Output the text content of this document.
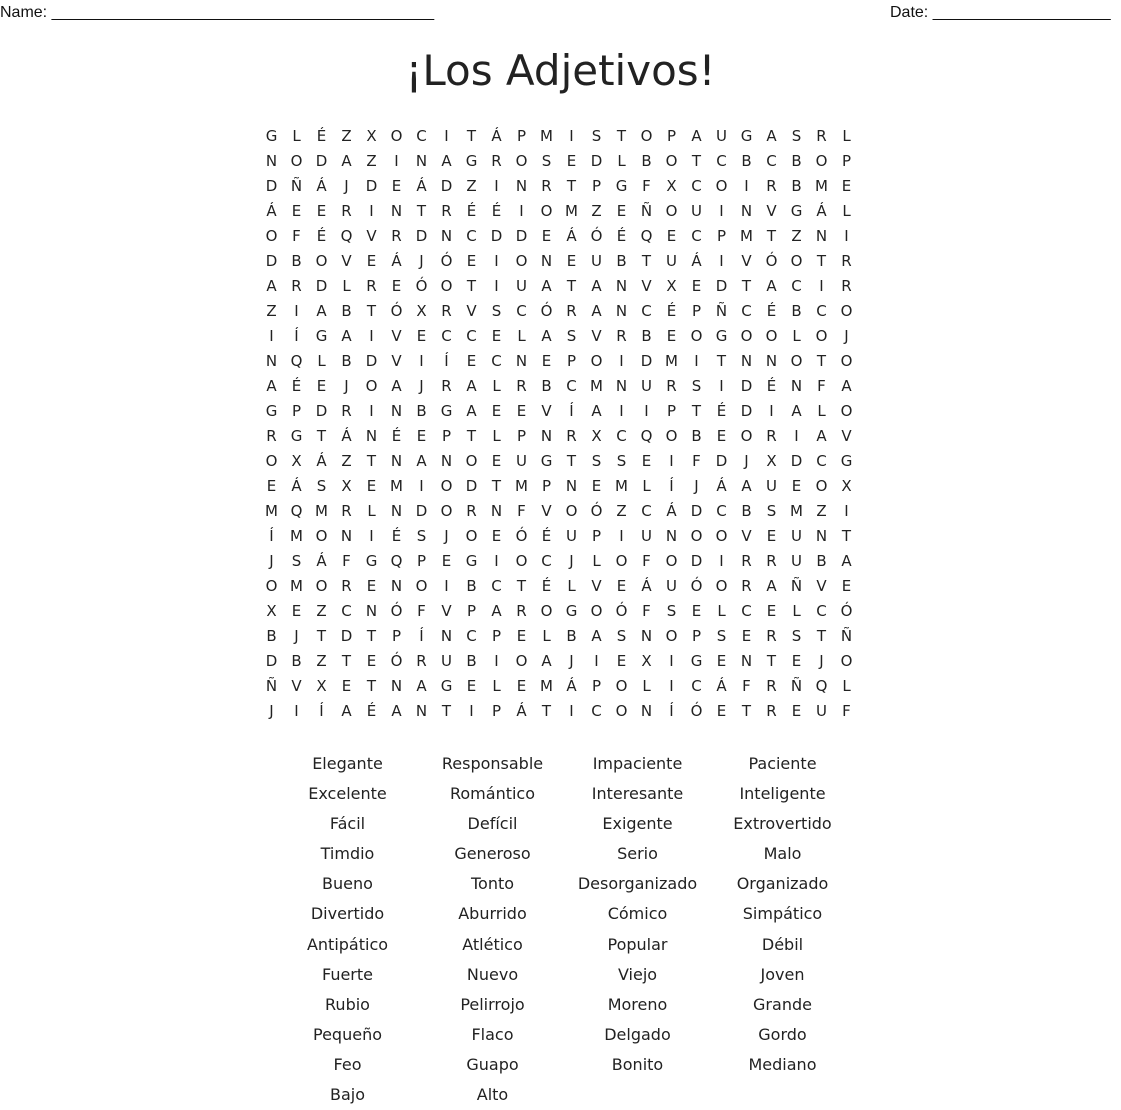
Name: ___________________________________________	Date: ____________________
¡Los Adjetivos!
G	L	É	Z X O C	I	T	Á	P M	I	S	T O P	A U G A	S	R	L
N O D A Z	I	N A G R O S	E D	L	B O T	C B C B O P
D Ñ Á	J	D E	Á D Z	I	N R	T	P G F	X C O	I	R B M E
Á	E	E	R	I	N T	R	É	É	I	O M Z	E Ñ O U	I	N V G Á	L
O F	É Q V R D N C D D E	Á Ó É Q E	C	P M T	Z N	I
D B O V	E	Á	J	Ó E	I	O N E U B	T U Á	I	V Ó O T	R
A R D	L	R	E Ó O T	I	U A	T	A N V X	E D T	A C	I	R
Z	I	A B	T Ó X R V	S C Ó R A N C	É	P Ñ C	É	B C O
I	Í	G A	I	V	E	C C	E	L	A	S	V R B	E O G O O L O	J
N Q L	B D V	I	Í	E	C N E	P O	I	D M	I	T N N O T O
A	É	E	J	O A	J	R A	L	R B C M N U R	S	I	D É N	F	A
G P D R	I	N B G A	E	E	V	Í	A	I	I	P	T	É D	I	A	L O
R G T	Á N É	E	P	T	L	P N R X C Q O B	E O R	I	A V
O X Á Z	T N A N O E U G T	S	S	E	I	F D	J	X D C G
E	Á	S	X	E M	I	O D T M P N E M L	Í	J	Á A U E O X
M Q M R	L	N D O R N	F	V O Ó Z C Á D C B	S M Z	I
Í	M O N	I	É	S	J	O E Ó É U P	I	U N O O V	E U N T
J	S	Á	F G Q P	E G	I	O C	J	L O F O D	I	R R U B A
O M O R	E N O	I	B C	T	É	L	V	E	Á U Ó O R A Ñ V	E
X	E	Z C N Ó F	V	P	A R O G O Ó F	S	E	L	C	E	L	C Ó
B	J	T D T	P	Í	N C	P	E	L	B A	S N O P	S	E	R	S	T Ñ
D B Z	T	E Ó R U B	I	O A	J	I	E	X	I	G E N T	E	J	O
Ñ V X	E	T N A G E	L	E M Á	P O L	I	C Á	F	R Ñ Q L
J	I	Í	A	É	A N T	I	P	Á	T	I	C O N	Í	Ó E	T	R	E U	F
Elegante	Responsable	Impaciente	Paciente
Excelente	Romántico	Interesante	Inteligente
Fácil	Defícil	Exigente	Extrovertido
Timdio	Generoso	Serio	Malo
Bueno	Tonto	Desorganizado	Organizado
Divertido	Aburrido	Cómico	Simpático
Antipático	Atlético	Popular	Débil
Fuerte	Nuevo	Viejo	Joven
Rubio	Pelirrojo	Moreno	Grande
Pequeño	Flaco	Delgado	Gordo
Feo	Guapo	Bonito	Mediano
Bajo	Alto
